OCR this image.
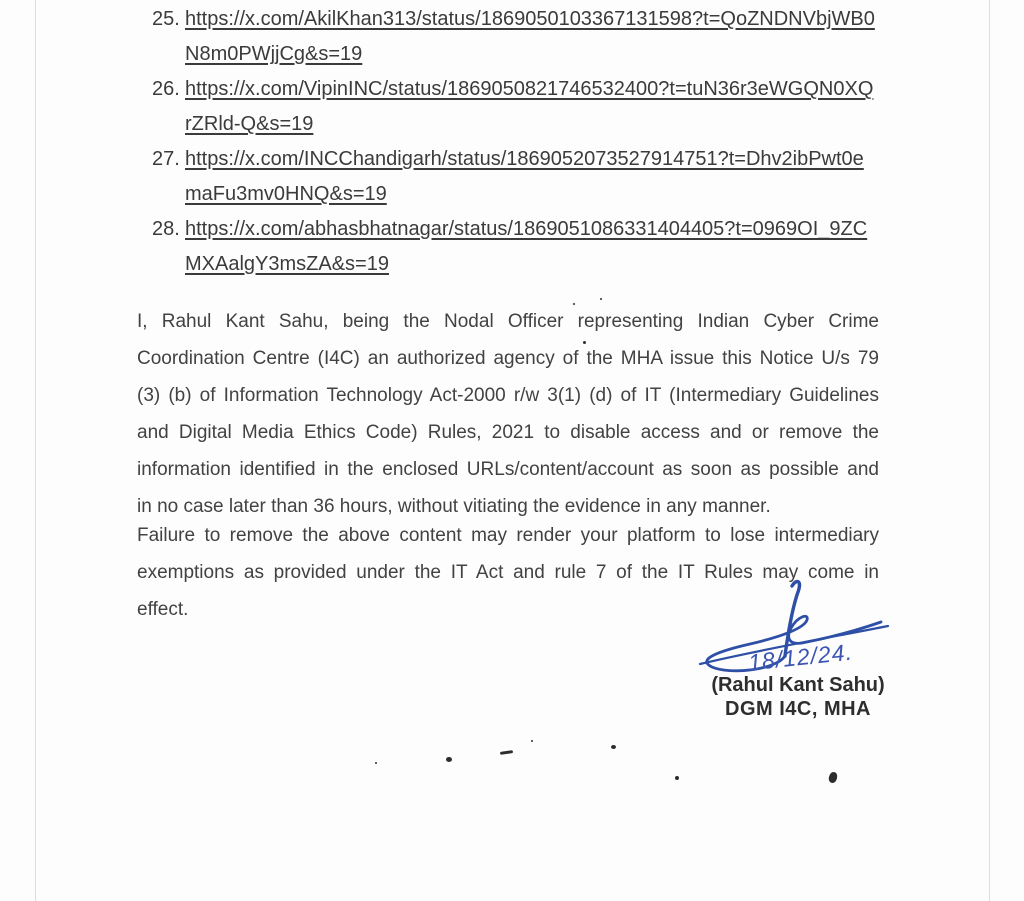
25. https://x.com/AkilKhan313/status/1869050103367131598?t=QoZNDNVbjWB0N8m0PWjjCg&s=19
26. https://x.com/VipinINC/status/1869050821746532400?t=tuN36r3eWGQN0XQrZRld-Q&s=19
27. https://x.com/INCChandigarh/status/1869052073527914751?t=Dhv2ibPwt0emaFu3mv0HNQ&s=19
28. https://x.com/abhasbhatnagar/status/1869051086331404405?t=0969OI_9ZCMXAalgY3msZA&s=19
I, Rahul Kant Sahu, being the Nodal Officer representing Indian Cyber Crime
Coordination Centre (I4C) an authorized agency of the MHA issue this Notice U/s 79
(3) (b) of Information Technology Act-2000 r/w 3(1) (d) of IT (Intermediary Guidelines
and Digital Media Ethics Code) Rules, 2021 to disable access and or remove the
information identified in the enclosed URLs/content/account as soon as possible and
in no case later than 36 hours, without vitiating the evidence in any manner.
Failure to remove the above content may render your platform to lose intermediary
exemptions as provided under the IT Act and rule 7 of the IT Rules may come in
effect.
18/12/24.
(Rahul Kant Sahu)
DGM I4C, MHA
